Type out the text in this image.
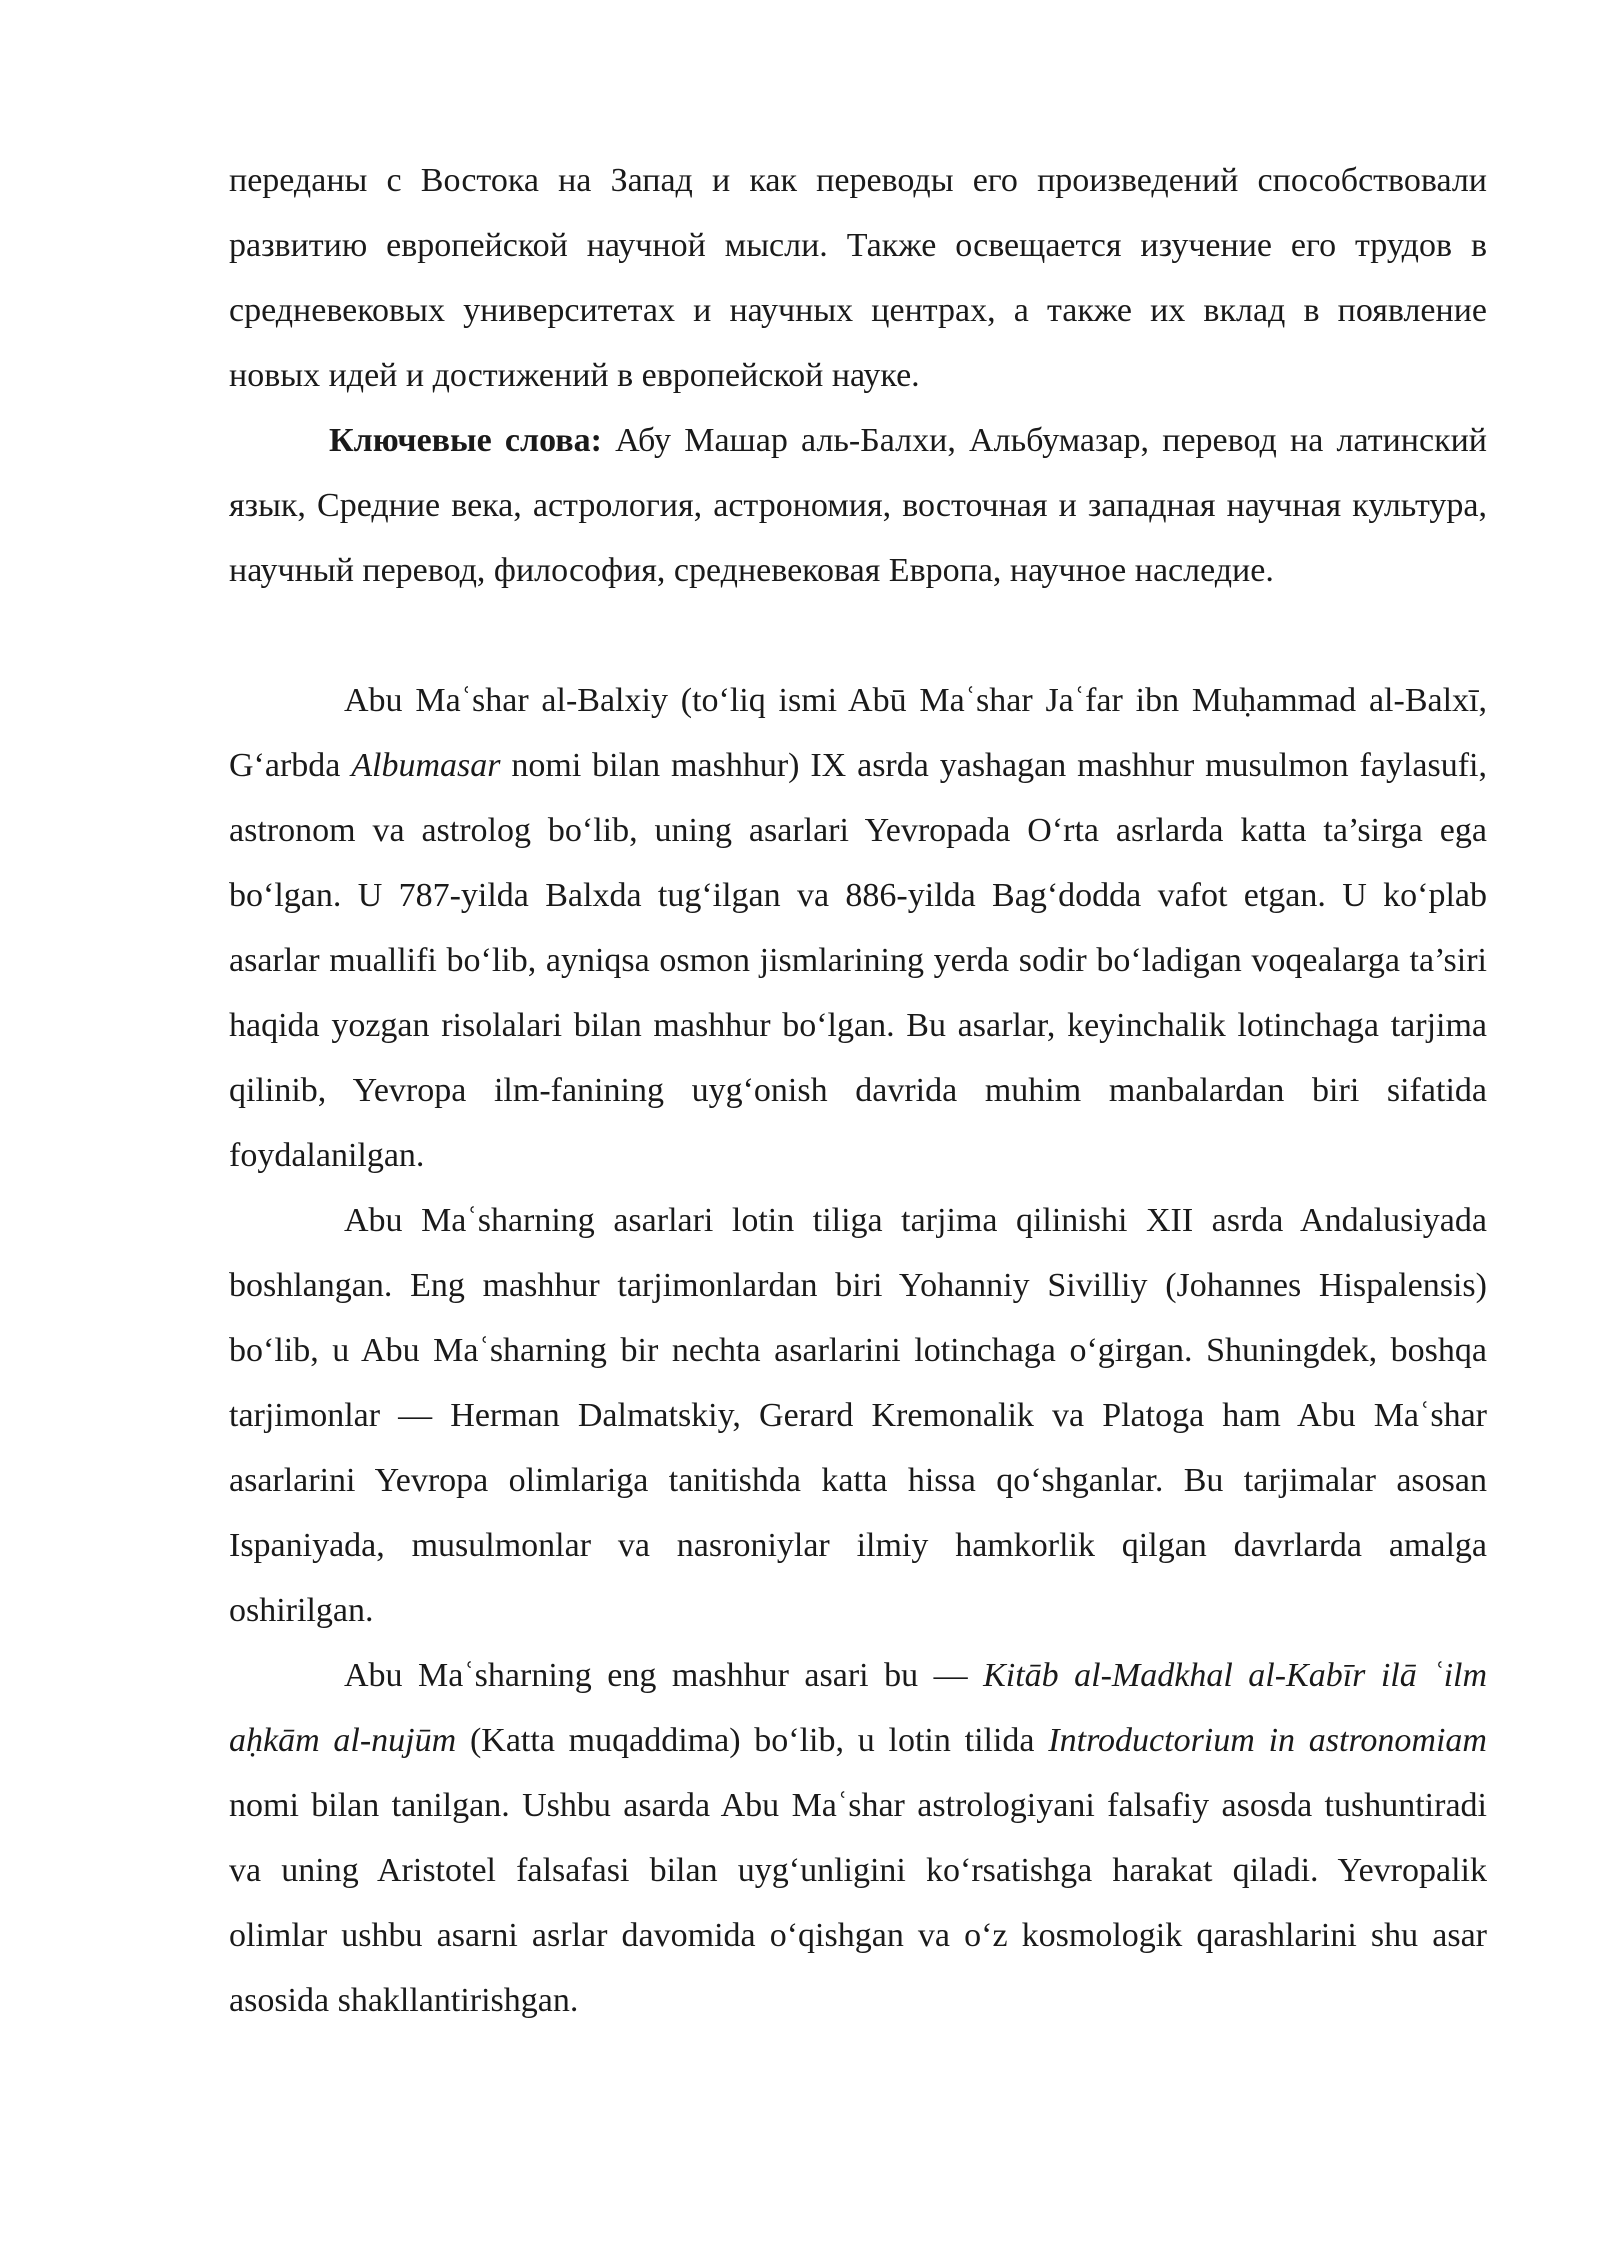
переданы с Востока на Запад и как переводы его произведений способствовали развитию европейской научной мысли. Также освещается изучение его трудов в средневековых университетах и научных центрах, а также их вклад в появление новых идей и достижений в европейской науке.

Ключевые слова: Абу Машар аль-Балхи, Альбумазар, перевод на латинский язык, Средние века, астрология, астрономия, восточная и западная научная культура, научный перевод, философия, средневековая Европа, научное наследие.

Abu Maʿshar al-Balxiy (toʻliq ismi Abū Maʿshar Jaʿfar ibn Muḥammad al-Balxī, Gʻarbda Albumasar nomi bilan mashhur) IX asrda yashagan mashhur musulmon faylasufi, astronom va astrolog boʻlib, uning asarlari Yevropada Oʻrta asrlarda katta ta’sirga ega boʻlgan. U 787-yilda Balxda tugʻilgan va 886-yilda Bagʻdodda vafot etgan. U koʻplab asarlar muallifi boʻlib, ayniqsa osmon jismlarining yerda sodir boʻladigan voqealarga ta’siri haqida yozgan risolalari bilan mashhur boʻlgan. Bu asarlar, keyinchalik lotinchaga tarjima qilinib, Yevropa ilm-fanining uygʻonish davrida muhim manbalardan biri sifatida foydalanilgan.

Abu Maʿsharning asarlari lotin tiliga tarjima qilinishi XII asrda Andalusiyada boshlangan. Eng mashhur tarjimonlardan biri Yohanniy Sivilliy (Johannes Hispalensis) boʻlib, u Abu Maʿsharning bir nechta asarlarini lotinchaga oʻgirgan. Shuningdek, boshqa tarjimonlar — Herman Dalmatskiy, Gerard Kremonalik va Platoga ham Abu Maʿshar asarlarini Yevropa olimlariga tanitishda katta hissa qoʻshganlar. Bu tarjimalar asosan Ispaniyada, musulmonlar va nasroniylar ilmiy hamkorlik qilgan davrlarda amalga oshirilgan.

Abu Maʿsharning eng mashhur asari bu — Kitāb al-Madkhal al-Kabīr ilā ʿilm aḥkām al-nujūm (Katta muqaddima) boʻlib, u lotin tilida Introductorium in astronomiam nomi bilan tanilgan. Ushbu asarda Abu Maʿshar astrologiyani falsafiy asosda tushuntiradi va uning Aristotel falsafasi bilan uygʻunligini koʻrsatishga harakat qiladi. Yevropalik olimlar ushbu asarni asrlar davomida oʻqishgan va oʻz kosmologik qarashlarini shu asar asosida shakllantirishgan.
